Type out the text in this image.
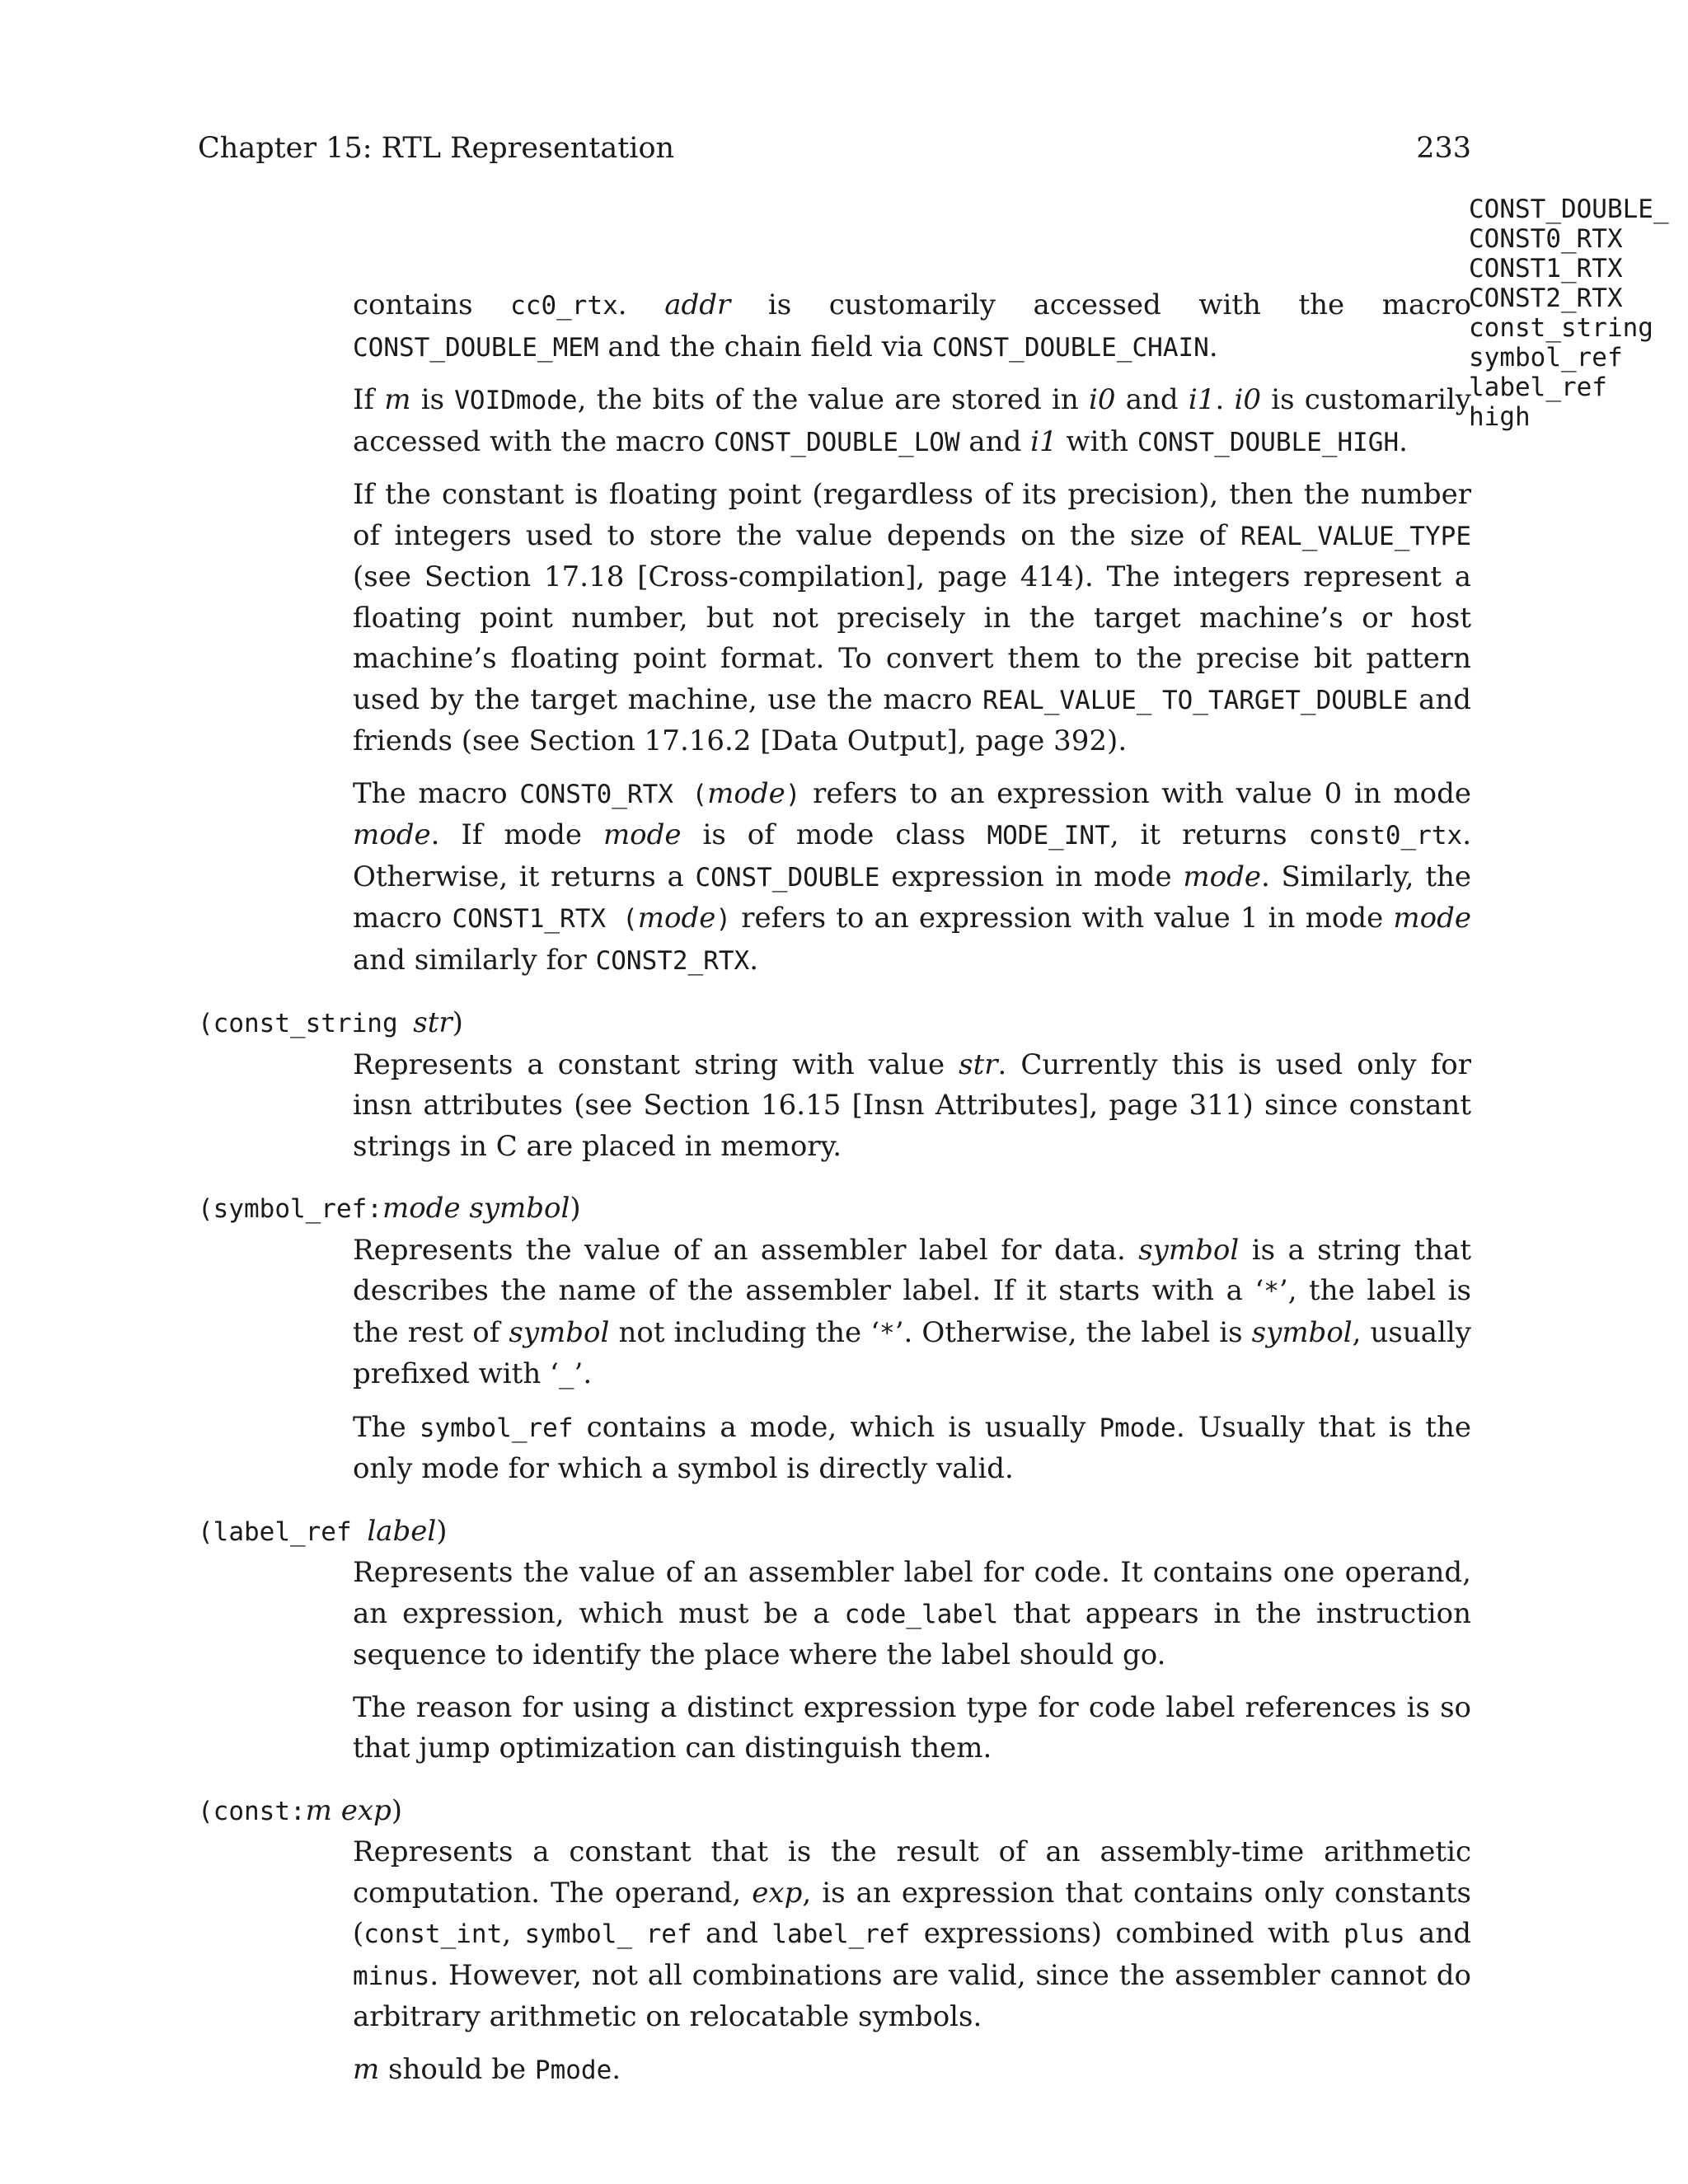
Chapter 15: RTL Representation	233
CONST_DOUBLE_
CONST0_RTX
CONST1_RTX
CONST2_RTX
const_string
symbol_ref
label_ref
high

contains cc0_rtx. addr is customarily accessed with the macro CONST_DOUBLE_MEM and the chain field via CONST_DOUBLE_CHAIN.

If m is VOIDmode, the bits of the value are stored in i0 and i1. i0 is customarily accessed with the macro CONST_DOUBLE_LOW and i1 with CONST_DOUBLE_HIGH.

If the constant is floating point (regardless of its precision), then the number of integers used to store the value depends on the size of REAL_VALUE_TYPE (see Section 17.18 [Cross-compilation], page 414). The integers represent a floating point number, but not precisely in the target machine’s or host machine’s floating point format. To convert them to the precise bit pattern used by the target machine, use the macro REAL_VALUE_ TO_TARGET_DOUBLE and friends (see Section 17.16.2 [Data Output], page 392).

The macro CONST0_RTX (mode) refers to an expression with value 0 in mode mode. If mode mode is of mode class MODE_INT, it returns const0_rtx. Otherwise, it returns a CONST_DOUBLE expression in mode mode. Similarly, the macro CONST1_RTX (mode) refers to an expression with value 1 in mode mode and similarly for CONST2_RTX.

(const_string str)

Represents a constant string with value str. Currently this is used only for insn attributes (see Section 16.15 [Insn Attributes], page 311) since constant strings in C are placed in memory.

(symbol_ref:mode symbol)

Represents the value of an assembler label for data. symbol is a string that describes the name of the assembler label. If it starts with a ‘*’, the label is the rest of symbol not including the ‘*’. Otherwise, the label is symbol, usually prefixed with ‘_’.

The symbol_ref contains a mode, which is usually Pmode. Usually that is the only mode for which a symbol is directly valid.

(label_ref label)

Represents the value of an assembler label for code. It contains one operand, an expression, which must be a code_label that appears in the instruction sequence to identify the place where the label should go.

The reason for using a distinct expression type for code label references is so that jump optimization can distinguish them.

(const:m exp)

Represents a constant that is the result of an assembly-time arithmetic computation. The operand, exp, is an expression that contains only constants (const_int, symbol_ ref and label_ref expressions) combined with plus and minus. However, not all combinations are valid, since the assembler cannot do arbitrary arithmetic on relocatable symbols.

m should be Pmode.
